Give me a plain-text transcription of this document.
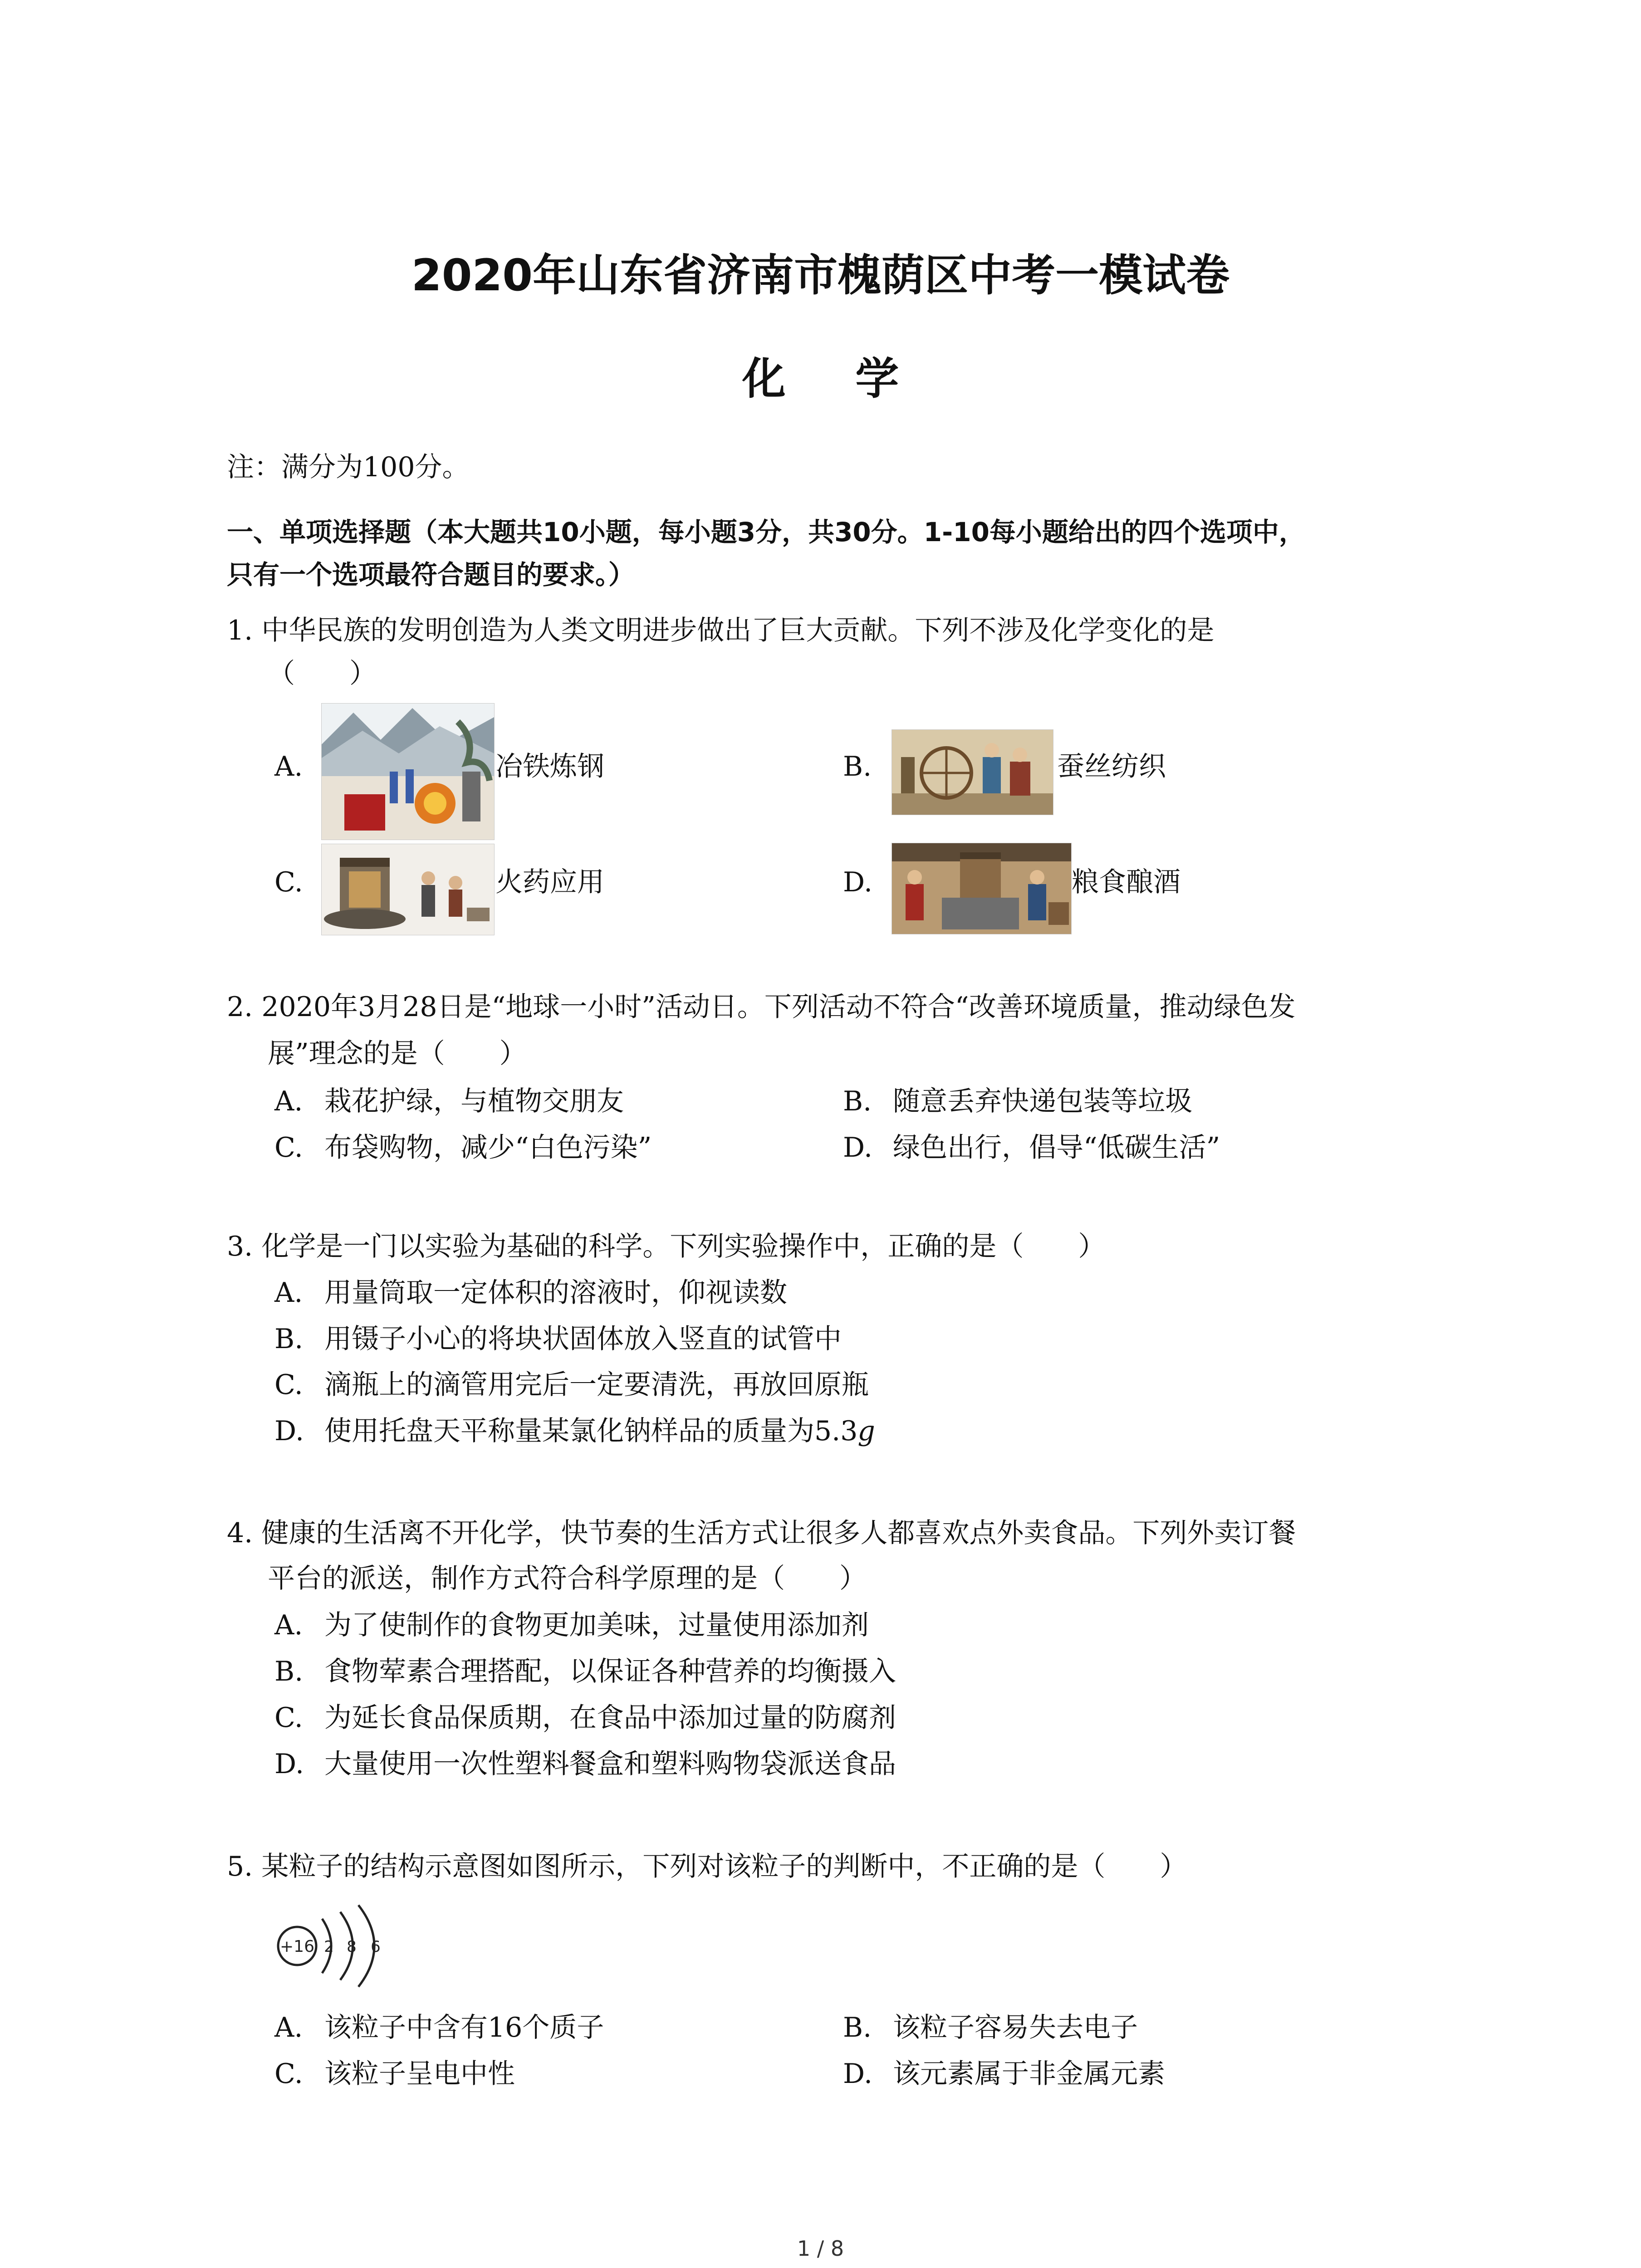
2020年山东省济南市槐荫区中考一模试卷
化 学
注：满分为100分。
一、单项选择题（本大题共10小题，每小题3分，共30分。1-10每小题给出的四个选项中，
只有一个选项最符合题目的要求。）
1. 中华民族的发明创造为人类文明进步做出了巨大贡献。下列不涉及化学变化的是
（　　）
A.	冶铁炼钢	B.	蚕丝纺织
C.	火药应用	D.	粮食酿酒
2. 2020年3月28日是“地球一小时”活动日。下列活动不符合“改善环境质量，推动绿色发
展”理念的是（　　）
A. 栽花护绿，与植物交朋友	B. 随意丢弃快递包装等垃圾
C. 布袋购物，减少“白色污染”	D. 绿色出行，倡导“低碳生活”
3. 化学是一门以实验为基础的科学。下列实验操作中，正确的是（　　）
A. 用量筒取一定体积的溶液时，仰视读数
B. 用镊子小心的将块状固体放入竖直的试管中
C. 滴瓶上的滴管用完后一定要清洗，再放回原瓶
D. 使用托盘天平称量某氯化钠样品的质量为5.3g
4. 健康的生活离不开化学，快节奏的生活方式让很多人都喜欢点外卖食品。下列外卖订餐
平台的派送，制作方式符合科学原理的是（　　）
A. 为了使制作的食物更加美味，过量使用添加剂
B. 食物荤素合理搭配，以保证各种营养的均衡摄入
C. 为延长食品保质期，在食品中添加过量的防腐剂
D. 大量使用一次性塑料餐盒和塑料购物袋派送食品
5. 某粒子的结构示意图如图所示，下列对该粒子的判断中，不正确的是（　　）
+16 2 8 6
A. 该粒子中含有16个质子	B. 该粒子容易失去电子
C. 该粒子呈电中性	D. 该元素属于非金属元素
1 / 8
